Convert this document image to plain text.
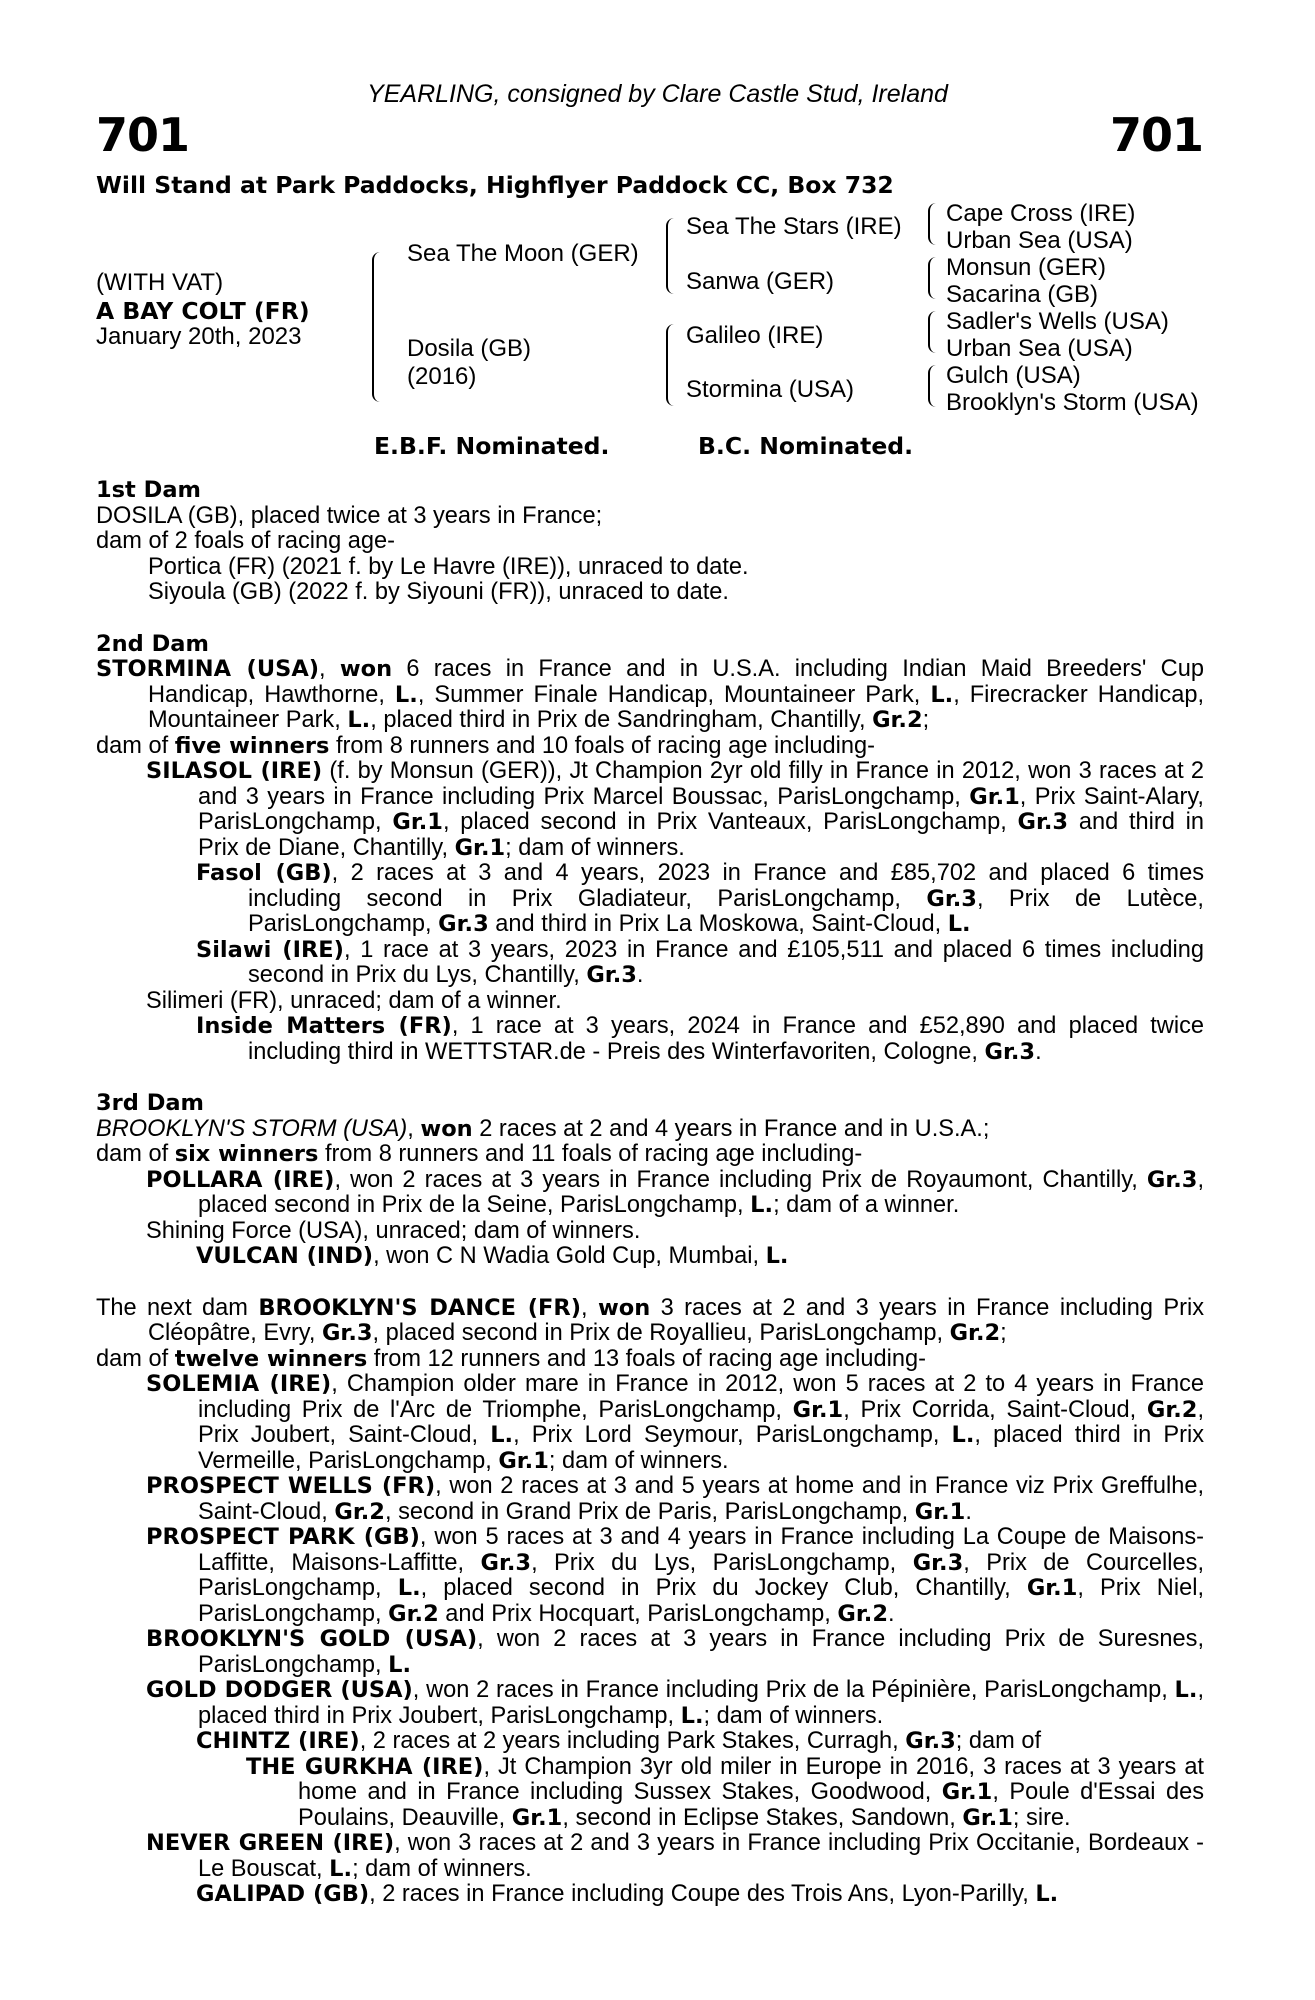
YEARLING, consigned by Clare Castle Stud, Ireland
701	701
Will Stand at Park Paddocks, Highflyer Paddock CC, Box 732
(WITH VAT)
A BAY COLT (FR)
January 20th, 2023
Sea The Moon (GER)
Dosila (GB)
(2016)
Sea The Stars (IRE)
Sanwa (GER)
Galileo (IRE)
Stormina (USA)
Cape Cross (IRE)
Urban Sea (USA)
Monsun (GER)
Sacarina (GB)
Sadler's Wells (USA)
Urban Sea (USA)
Gulch (USA)
Brooklyn's Storm (USA)
E.B.F. Nominated.	B.C. Nominated.

1st Dam

DOSILA (GB), placed twice at 3 years in France;

dam of 2 foals of racing age-

Portica (FR) (2021 f. by Le Havre (IRE)), unraced to date.

Siyoula (GB) (2022 f. by Siyouni (FR)), unraced to date.

2nd Dam

STORMINA (USA), won 6 races in France and in U.S.A. including Indian Maid Breeders' Cup Handicap, Hawthorne, L., Summer Finale Handicap, Mountaineer Park, L., Firecracker Handicap, Mountaineer Park, L., placed third in Prix de Sandringham, Chantilly, Gr.2;

dam of five winners from 8 runners and 10 foals of racing age including-

SILASOL (IRE) (f. by Monsun (GER)), Jt Champion 2yr old filly in France in 2012, won 3 races at 2 and 3 years in France including Prix Marcel Boussac, ParisLongchamp, Gr.1, Prix Saint-Alary, ParisLongchamp, Gr.1, placed second in Prix Vanteaux, ParisLongchamp, Gr.3 and third in Prix de Diane, Chantilly, Gr.1; dam of winners.

Fasol (GB), 2 races at 3 and 4 years, 2023 in France and £85,702 and placed 6 times including second in Prix Gladiateur, ParisLongchamp, Gr.3, Prix de Lutèce, ParisLongchamp, Gr.3 and third in Prix La Moskowa, Saint-Cloud, L.

Silawi (IRE), 1 race at 3 years, 2023 in France and £105,511 and placed 6 times including second in Prix du Lys, Chantilly, Gr.3.

Silimeri (FR), unraced; dam of a winner.

Inside Matters (FR), 1 race at 3 years, 2024 in France and £52,890 and placed twice including third in WETTSTAR.de - Preis des Winterfavoriten, Cologne, Gr.3.

3rd Dam

BROOKLYN'S STORM (USA), won 2 races at 2 and 4 years in France and in U.S.A.;

dam of six winners from 8 runners and 11 foals of racing age including-

POLLARA (IRE), won 2 races at 3 years in France including Prix de Royaumont, Chantilly, Gr.3, placed second in Prix de la Seine, ParisLongchamp, L.; dam of a winner.

Shining Force (USA), unraced; dam of winners.

VULCAN (IND), won C N Wadia Gold Cup, Mumbai, L.

The next dam BROOKLYN'S DANCE (FR), won 3 races at 2 and 3 years in France including Prix Cléopâtre, Evry, Gr.3, placed second in Prix de Royallieu, ParisLongchamp, Gr.2;

dam of twelve winners from 12 runners and 13 foals of racing age including-

SOLEMIA (IRE), Champion older mare in France in 2012, won 5 races at 2 to 4 years in France including Prix de l'Arc de Triomphe, ParisLongchamp, Gr.1, Prix Corrida, Saint-Cloud, Gr.2, Prix Joubert, Saint-Cloud, L., Prix Lord Seymour, ParisLongchamp, L., placed third in Prix Vermeille, ParisLongchamp, Gr.1; dam of winners.

PROSPECT WELLS (FR), won 2 races at 3 and 5 years at home and in France viz Prix Greffulhe, Saint-Cloud, Gr.2, second in Grand Prix de Paris, ParisLongchamp, Gr.1.

PROSPECT PARK (GB), won 5 races at 3 and 4 years in France including La Coupe de Maisons-Laffitte, Maisons-Laffitte, Gr.3, Prix du Lys, ParisLongchamp, Gr.3, Prix de Courcelles, ParisLongchamp, L., placed second in Prix du Jockey Club, Chantilly, Gr.1, Prix Niel, ParisLongchamp, Gr.2 and Prix Hocquart, ParisLongchamp, Gr.2.

BROOKLYN'S GOLD (USA), won 2 races at 3 years in France including Prix de Suresnes, ParisLongchamp, L.

GOLD DODGER (USA), won 2 races in France including Prix de la Pépinière, ParisLongchamp, L., placed third in Prix Joubert, ParisLongchamp, L.; dam of winners.

CHINTZ (IRE), 2 races at 2 years including Park Stakes, Curragh, Gr.3; dam of

THE GURKHA (IRE), Jt Champion 3yr old miler in Europe in 2016, 3 races at 3 years at home and in France including Sussex Stakes, Goodwood, Gr.1, Poule d'Essai des Poulains, Deauville, Gr.1, second in Eclipse Stakes, Sandown, Gr.1; sire.

NEVER GREEN (IRE), won 3 races at 2 and 3 years in France including Prix Occitanie, Bordeaux - Le Bouscat, L.; dam of winners.

GALIPAD (GB), 2 races in France including Coupe des Trois Ans, Lyon-Parilly, L.
